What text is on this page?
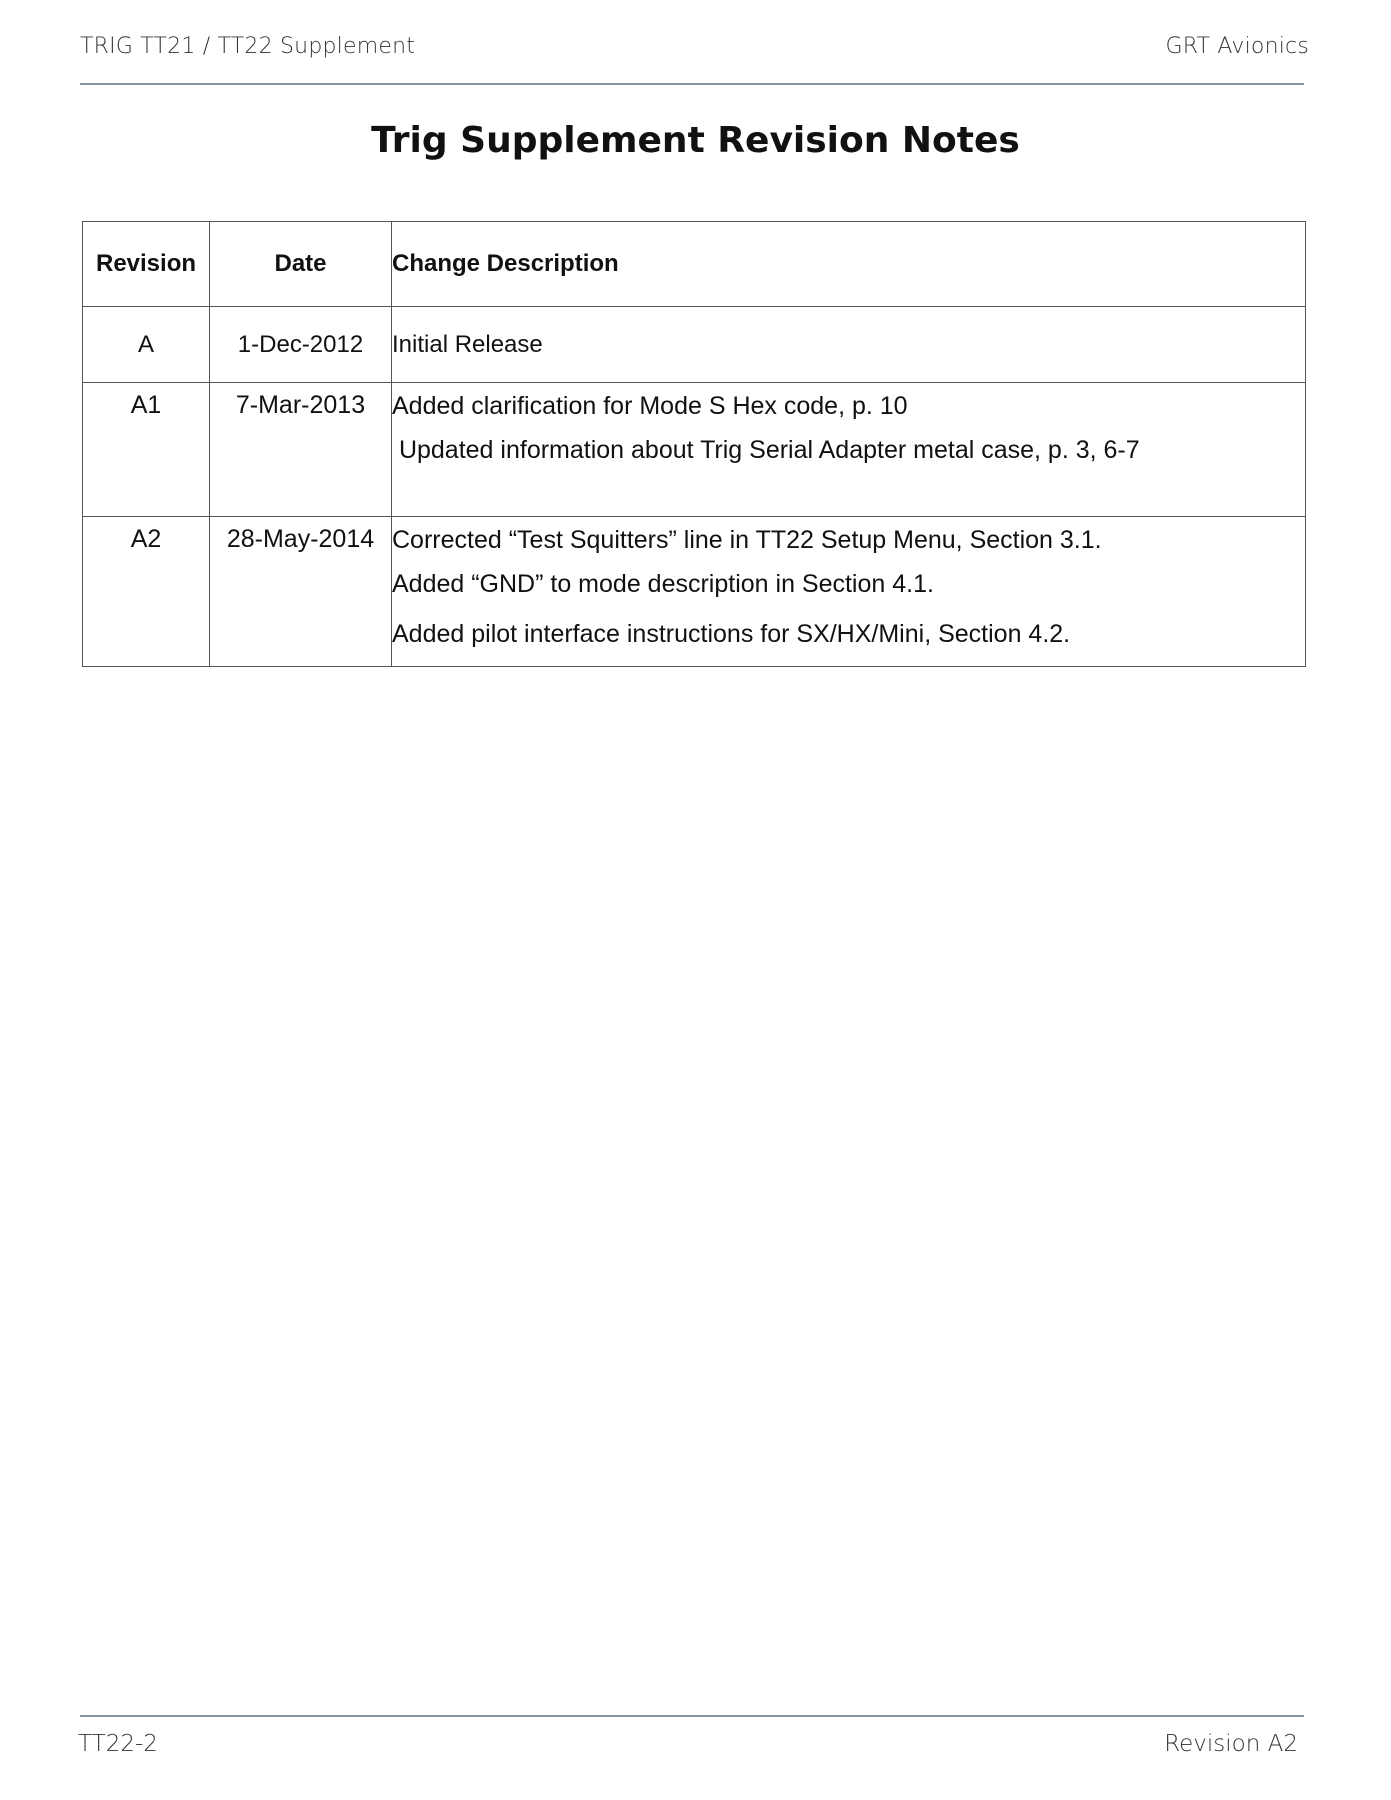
TRIG TT21 / TT22 Supplement	GRT Avionics
Trig Supplement Revision Notes
Revision	Date	Change Description
A	1-Dec-2012	Initial Release

A1	7-Mar-2013	Added clarification for Mode S Hex code, p. 10
Updated information about Trig Serial Adapter metal case, p. 3, 6-7

A2	28-May-2014	Corrected “Test Squitters” line in TT22 Setup Menu, Section 3.1.
Added “GND” to mode description in Section 4.1.
Added pilot interface instructions for SX/HX/Mini, Section 4.2.
TT22-2	Revision A2
